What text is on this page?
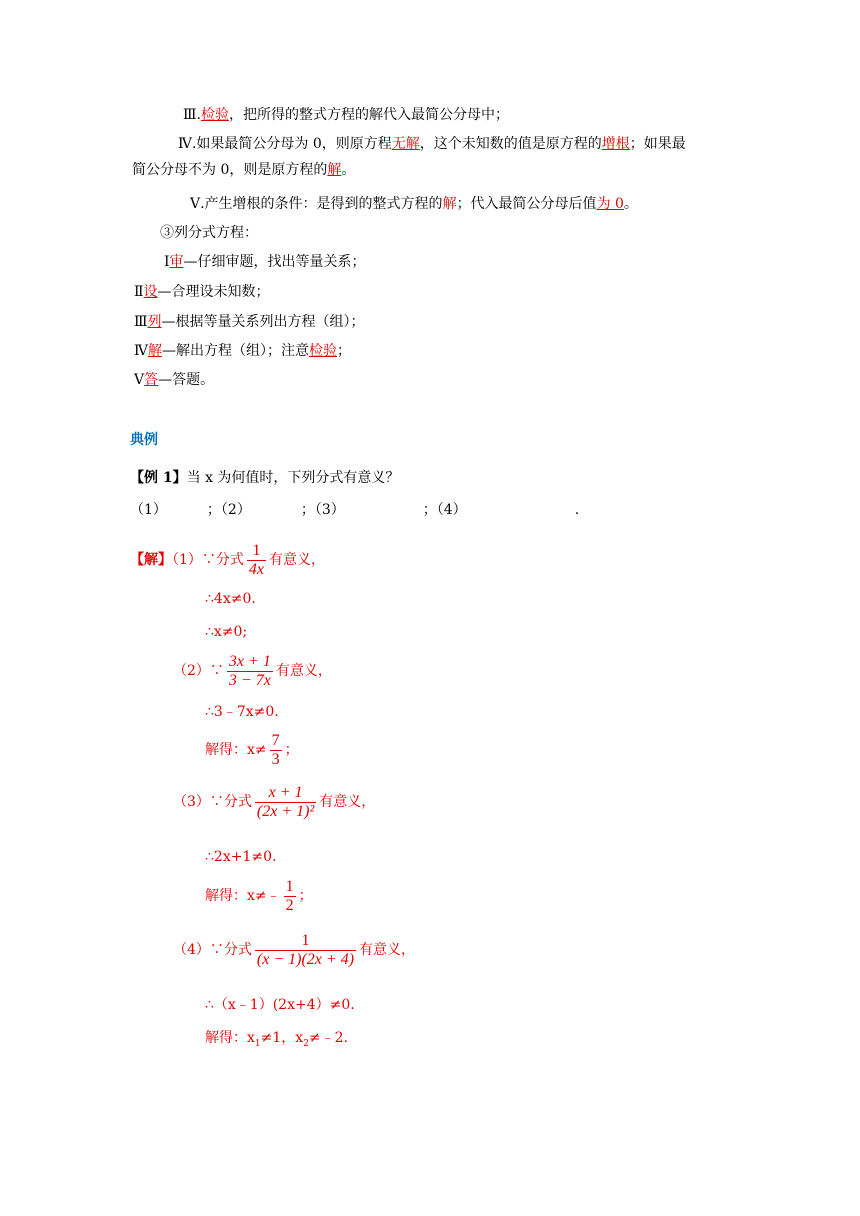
Ⅲ.检验，把所得的整式方程的解代入最简公分母中；
Ⅳ.如果最简公分母为 0，则原方程无解，这个未知数的值是原方程的增根；如果最
简公分母不为 0，则是原方程的解。
Ⅴ.产生增根的条件：是得到的整式方程的解；代入最简公分母后值为 0。
③列分式方程：
Ⅰ审—仔细审题，找出等量关系；
Ⅱ设—合理设未知数；
Ⅲ列—根据等量关系列出方程（组）；
Ⅳ解—解出方程（组）；注意检验；
Ⅴ答—答题。
典例
【例 1】当 x 为何值时，下列分式有意义？
（1）	；（2）	；（3）	；（4）	.
【解】（1）∵分式 $\frac{1}{4x}$ 有意义，
∴4x≠0.
∴x≠0;
（2）∵ $\frac{3x + 1}{3 - 7x}$ 有意义，
∴3﹣7x≠0.
解得：$x\ne \frac{7}{3}$ ；
（3）∵分式 $\frac{x + 1}{\text{(2x + 1)²}}$ 有意义，
∴2x+1≠0.
解得：x≠﹣ $\frac{1}{2}$ ；
（4）∵分式 $\frac{1}{(x - 1)(2x + 4)}$ 有意义，
∴（x﹣1）(2x+4）≠0.
解得：$x_1\ne 1$，$x_2\ne﹣2$.
